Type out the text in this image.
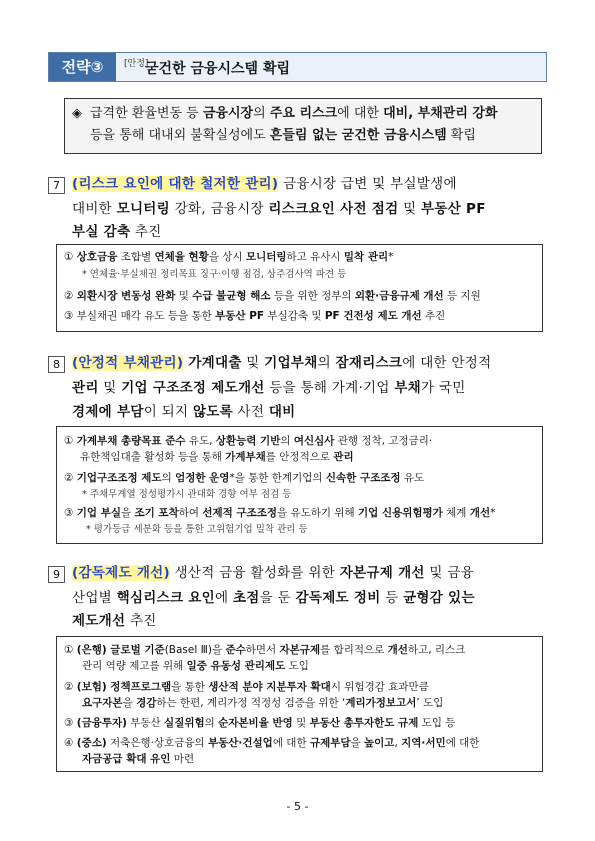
전략③	[안정]
굳건한 금융시스템 확립
◈ 급격한 환율변동 등 금융시장의 주요 리스크에 대한 대비, 부채관리 강화
등을 통해 대내외 불확실성에도 흔들림 없는 굳건한 금융시스템 확립
7 (리스크 요인에 대한 철저한 관리) 금융시장 급변 및 부실발생에
대비한 모니터링 강화, 금융시장 리스크요인 사전 점검 및 부동산 PF
부실 감축 추진
① 상호금융 조합별 연체율 현황을 상시 모니터링하고 유사시 밀착 관리*
* 연체율·부실채권 정리목표 징구·이행 점검, 상주검사역 파견 등
② 외환시장 변동성 완화 및 수급 불균형 해소 등을 위한 정부의 외환·금융규제 개선 등 지원
③ 부실채권 매각 유도 등을 통한 부동산 PF 부실감축 및 PF 건전성 제도 개선 추진
8 (안정적 부채관리) 가계대출 및 기업부채의 잠재리스크에 대한 안정적
관리 및 기업 구조조정 제도개선 등을 통해 가계·기업 부채가 국민
경제에 부담이 되지 않도록 사전 대비
① 가계부채 총량목표 준수 유도, 상환능력 기반의 여신심사 관행 정착, 고정금리·
유한책임대출 활성화 등을 통해 가계부채를 안정적으로 관리
② 기업구조조정 제도의 엄정한 운영*을 통한 한계기업의 신속한 구조조정 유도
* 주채무계열 정성평가시 관대화 경향 여부 점검 등
③ 기업 부실을 조기 포착하여 선제적 구조조정을 유도하기 위해 기업 신용위험평가 체계 개선*
* 평가등급 세분화 등을 통한 고위험기업 밀착 관리 등
9 (감독제도 개선) 생산적 금융 활성화를 위한 자본규제 개선 및 금융
산업별 핵심리스크 요인에 초점을 둔 감독제도 정비 등 균형감 있는
제도개선 추진
① (은행) 글로벌 기준(Basel Ⅲ)을 준수하면서 자본규제를 합리적으로 개선하고, 리스크
관리 역량 제고를 위해 일중 유동성 관리제도 도입
② (보험) 정책프로그램을 통한 생산적 분야 지분투자 확대시 위험경감 효과만큼
요구자본을 경감하는 한편, 계리가정 적정성 검증을 위한 ‘계리가정보고서’ 도입
③ (금융투자) 부동산 실질위험의 순자본비율 반영 및 부동산 총투자한도 규제 도입 등
④ (중소) 저축은행·상호금융의 부동산·건설업에 대한 규제부담을 높이고, 지역·서민에 대한
자금공급 확대 유인 마련
- 5 -
